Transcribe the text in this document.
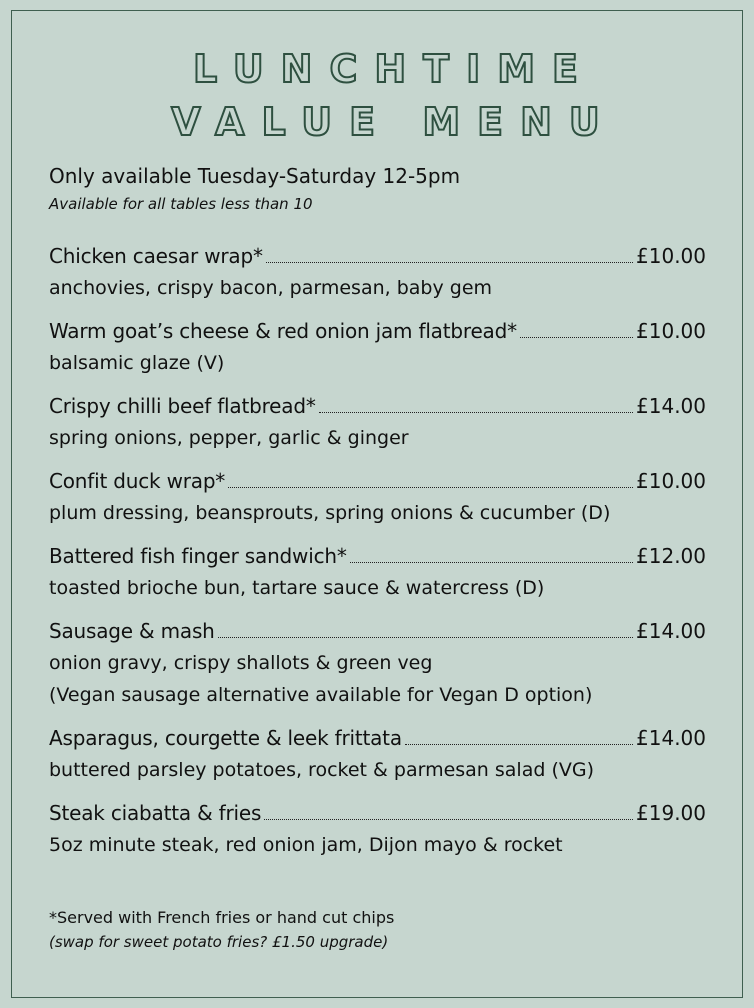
LUNCHTIME
VALUE MENU
Only available Tuesday-Saturday 12-5pm
Available for all tables less than 10
Chicken caesar wrap*	£10.00
anchovies, crispy bacon, parmesan, baby gem
Warm goat’s cheese & red onion jam flatbread*	£10.00
balsamic glaze (V)
Crispy chilli beef flatbread*	£14.00
spring onions, pepper, garlic & ginger
Confit duck wrap*	£10.00
plum dressing, beansprouts, spring onions & cucumber (D)
Battered fish finger sandwich*	£12.00
toasted brioche bun, tartare sauce & watercress (D)
Sausage & mash	£14.00
onion gravy, crispy shallots & green veg
(Vegan sausage alternative available for Vegan D option)
Asparagus, courgette & leek frittata	£14.00
buttered parsley potatoes, rocket & parmesan salad (VG)
Steak ciabatta & fries	£19.00
5oz minute steak, red onion jam, Dijon mayo & rocket
*Served with French fries or hand cut chips
(swap for sweet potato fries? £1.50 upgrade)
